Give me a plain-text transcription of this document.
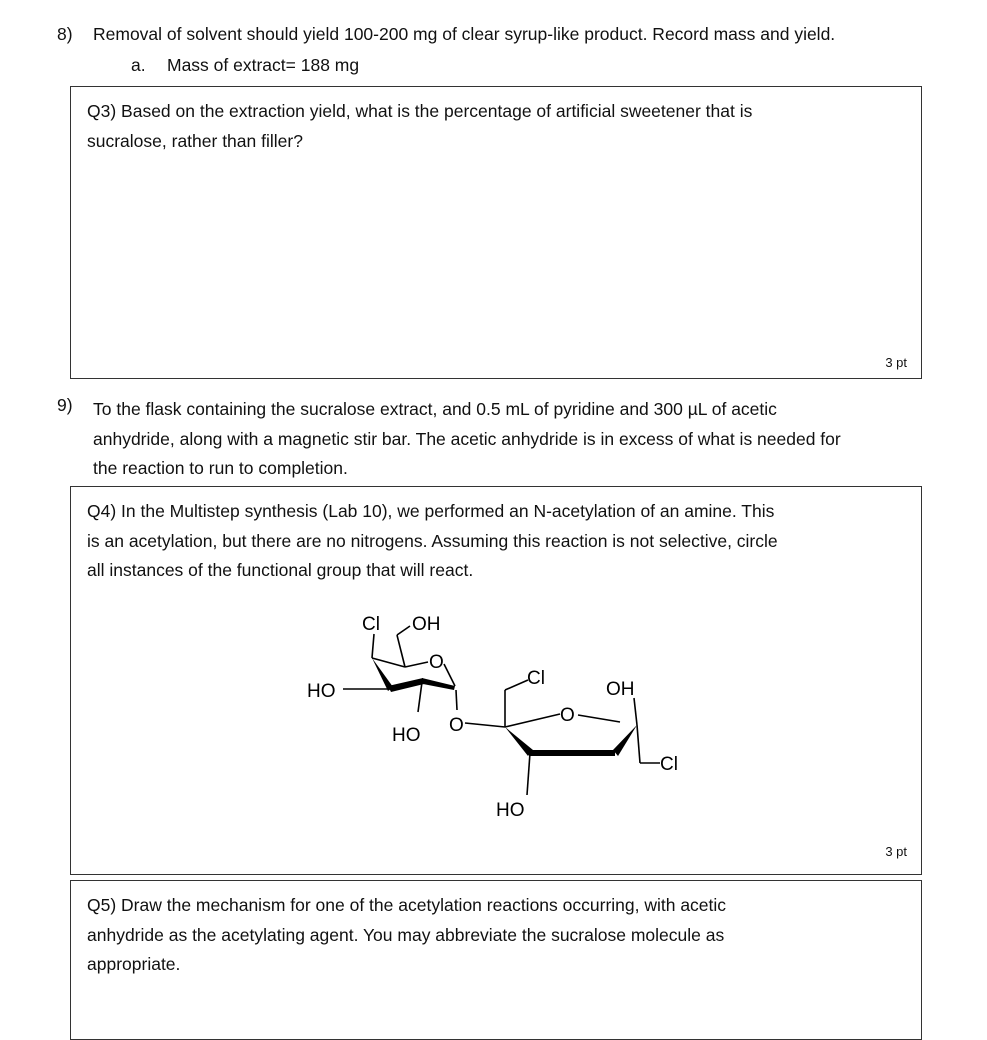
8) Removal of solvent should yield 100-200 mg of clear syrup-like product. Record mass and yield.
a. Mass of extract= 188 mg
Q3) Based on the extraction yield, what is the percentage of artificial sweetener that is
sucralose, rather than filler?
3 pt
9) To the flask containing the sucralose extract, and 0.5 mL of pyridine and 300 µL of acetic
anhydride, along with a magnetic stir bar. The acetic anhydride is in excess of what is needed for
the reaction to run to completion.
Q4) In the Multistep synthesis (Lab 10), we performed an N-acetylation of an amine. This
is an acetylation, but there are no nitrogens. Assuming this reaction is not selective, circle
all instances of the functional group that will react.
3 pt
Cl OH
O
HO
HO O
Cl
O
OH
Cl
HO
Q5) Draw the mechanism for one of the acetylation reactions occurring, with acetic
anhydride as the acetylating agent. You may abbreviate the sucralose molecule as
appropriate.
